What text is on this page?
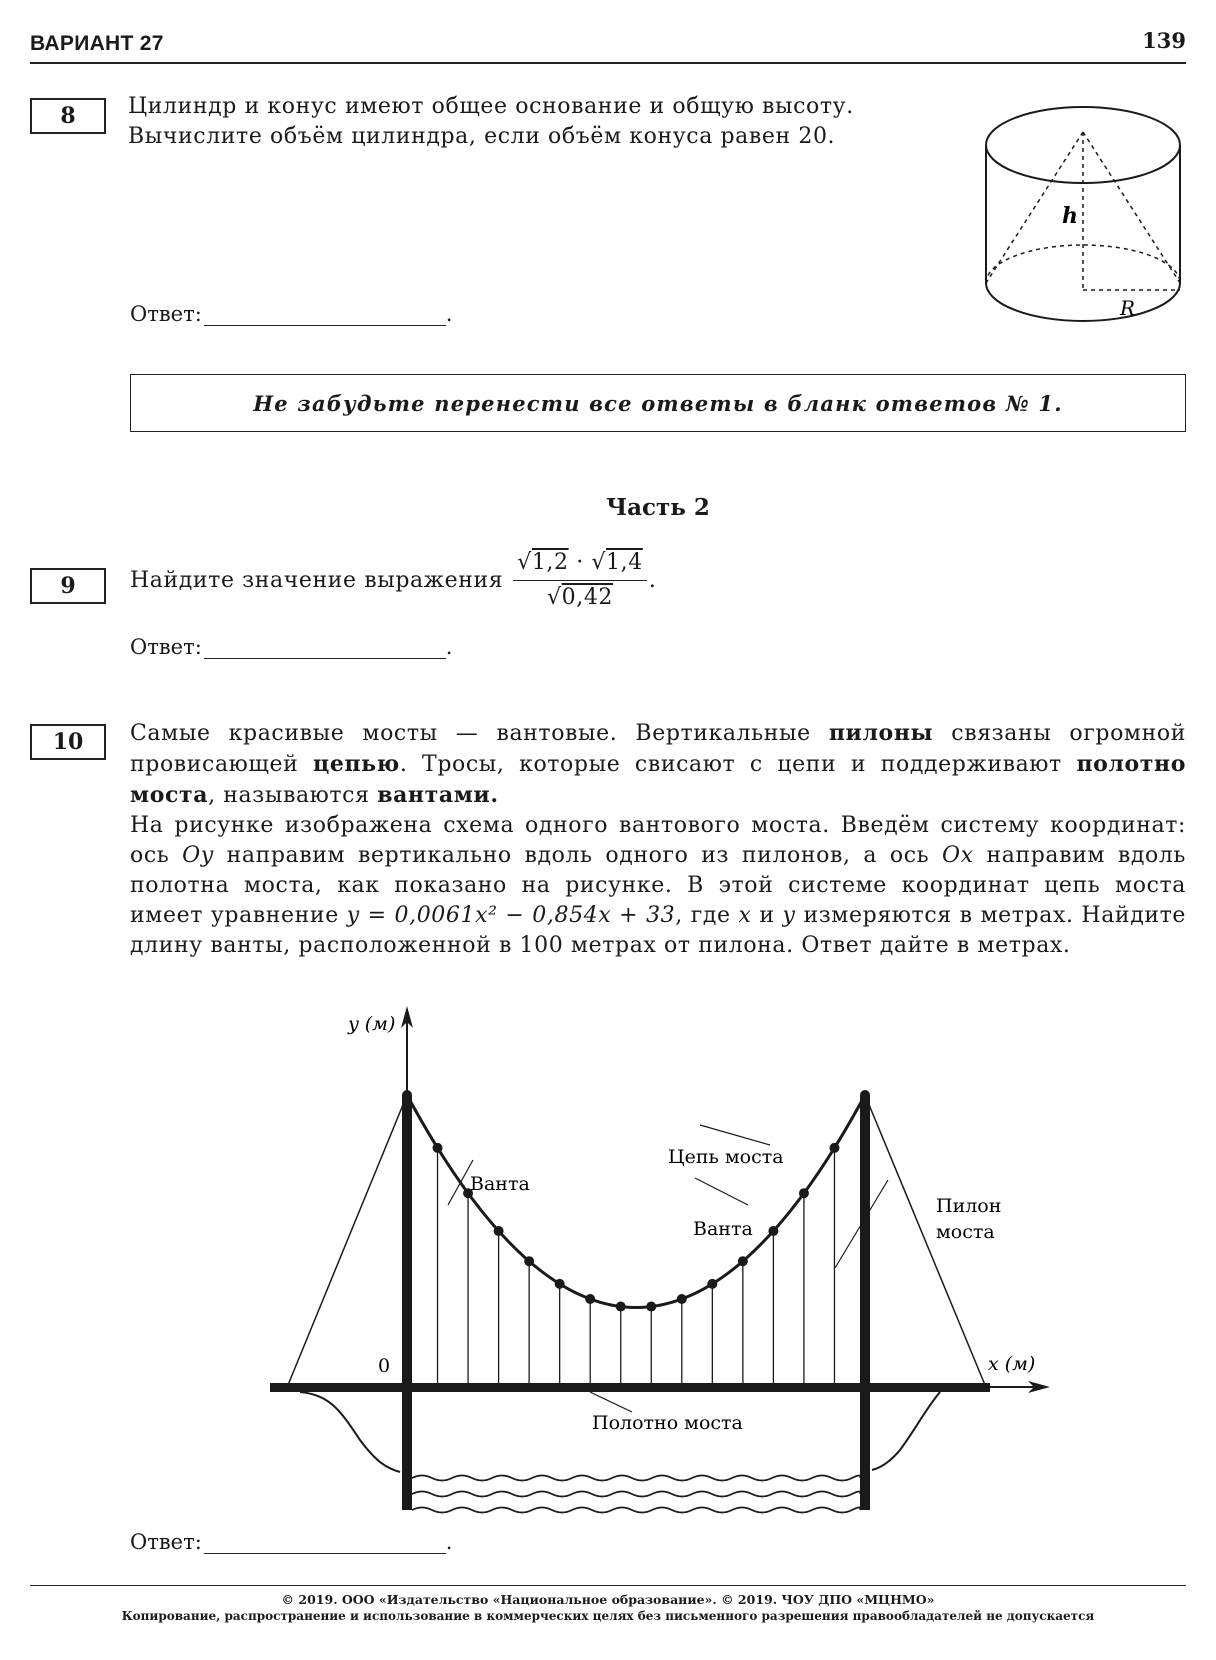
ВАРИАНТ 27	139
8	Цилиндр и конус имеют общее основание и общую высоту.
Вычислите объём цилиндра, если объём конуса равен 20.
h
R
Ответ:	.
Не забудьте перенести все ответы в бланк ответов № 1.
Часть 2
9	Найдите значение выражения $\frac{√1,2 \cdot √1,4}{√0,42}$ .
Ответ:	.
10	Самые красивые мосты — вантовые. Вертикальные пилоны связаны огромной провисающей цепью. Тросы, которые свисают с цепи и поддерживают полотно моста, называются вантами.
На рисунке изображена схема одного вантового моста. Введём систему координат: ось Oy направим вертикально вдоль одного из пилонов, а ось Ox направим вдоль полотна моста, как показано на рисунке. В этой системе координат цепь моста имеет уравнение y = 0,0061x² − 0,854x + 33, где x и y измеряются в метрах. Найдите длину ванты, расположенной в 100 метрах от пилона. Ответ дайте в метрах.
y (м)
x (м)
0
Ванта
Цепь моста
Ванта
Пилон
моста
Полотно моста
Ответ:	.
© 2019. ООО «Издательство «Национальное образование». © 2019. ЧОУ ДПО «МЦНМО»
Копирование, распространение и использование в коммерческих целях без письменного разрешения правообладателей не допускается
